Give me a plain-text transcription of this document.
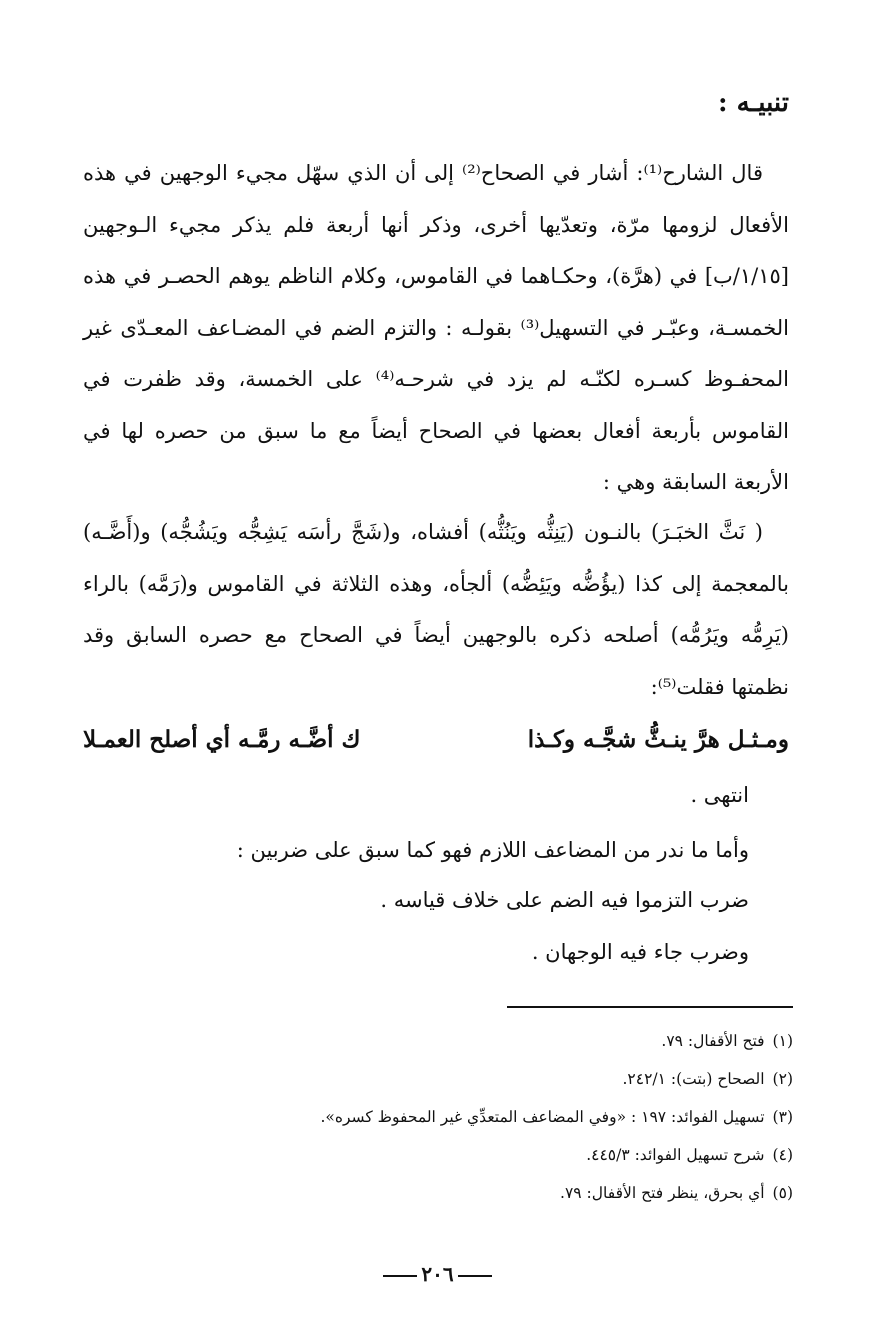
تنبيـه :

قال الشارح⁽¹⁾: أشار في الصحاح⁽²⁾ إلى أن الذي سهّل مجيء الوجهين في هذه الأفعال لزومها مرّة، وتعدّيها أخرى، وذكر أنها أربعة فلم يذكر مجيء الـوجهين [١/١٥/ب] في (هرَّة)، وحكـاهما في القاموس، وكلام الناظم يوهم الحصـر في هذه الخمسـة، وعبّـر في التسهيل⁽³⁾ بقولـه : والتزم الضم في المضـاعف المعـدّى غير المحفـوظ كسـره لكنّـه لم يزد في شرحـه⁽⁴⁾ على الخمسة، وقد ظفرت في القاموس بأربعة أفعال بعضها في الصحاح أيضاً مع ما سبق من حصره لها في الأربعة السابقة وهي :

( نَثَّ الخبَـرَ) بالنـون (يَنِثُّه ويَنُثُّه) أفشاه، و(شَجَّ رأسَه يَشِجُّه ويَشُجُّه) و(أَضَّـه) بالمعجمة إلى كذا (يؤُضُّه ويَئِضُّه) ألجأه، وهذه الثلاثة في القاموس و(رَمَّه) بالراء (يَرِمُّه ويَرُمُّه) أصلحه ذكره بالوجهين أيضاً في الصحاح مع حصره السابق وقد نظمتها فقلت⁽⁵⁾:

ومـثـل هرَّ ينـثُّ شجَّـه وكـذا
ك أضَّـه رمَّـه أي أصلح العمـلا
انتهى .
وأما ما ندر من المضاعف اللازم فهو كما سبق على ضربين :
ضرب التزموا فيه الضم على خلاف قياسه .
وضرب جاء فيه الوجهان .
(١)فتح الأقفال: ٧٩.
(٢)الصحاح (بتت): ٢٤٢/١.
(٣)تسهيل الفوائد: ١٩٧ : «وفي المضاعف المتعدِّي غير المحفوظ كسره».
(٤)شرح تسهيل الفوائد: ٤٤٥/٣.
(٥)أي بحرق، ينظر فتح الأقفال: ٧٩.
٢٠٦
